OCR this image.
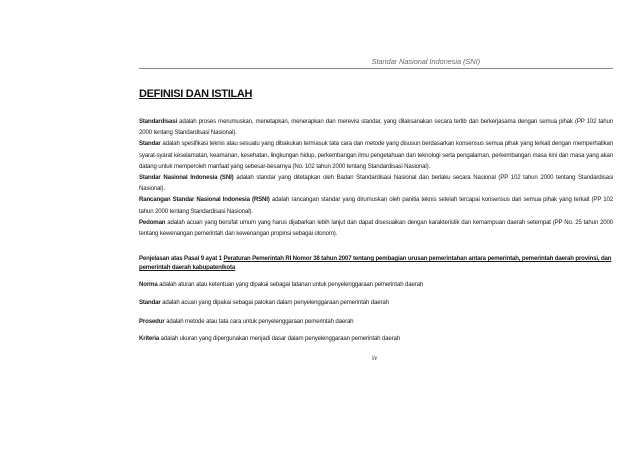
Standar Nasional Indonesia (SNI)
DEFINISI DAN ISTILAH

Standardisasi adalah proses merumuskan, menetapkan, menerapkan dan merevisi standar, yang dilaksanakan secara tertib dan berkerjasama dengan semua pihak (PP 102 tahun 2000 tentang Standardisasi Nasional).

Standar adalah spesifikasi teknis atau sesuatu yang dibakukan termasuk tata cara dan metode yang disusun berdasarkan konsensus semua pihak yang terkait dengan memperhatikan syarat-syarat keselamatan, keamanan, kesehatan, lingkungan hidup, perkembangan ilmu pengetahuan dan teknologi serta pengalaman, perkembangan masa kini dan masa yang akan datang untuk memperoleh manfaat yang sebesar-besarnya (No. 102 tahun 2000 tentang Standardisasi Nasional).

Standar Nasional Indonesia (SNI) adalah standar yang ditetapkan oleh Badan Standardisasi Nasional dan berlaku secara Nasional (PP 102 tahun 2000 tentang Standardisasi Nasional).

Rancangan Standar Nasional Indonesia (RSNI) adalah rancangan standar yang dirumuskan oleh panitia teknis setelah tercapai konsensus dari semua pihak yang terkait (PP 102 tahun 2000 tentang Standardisasi Nasional).

Pedoman adalah acuan yang bersifat umum yang harus dijabarkan lebih lanjut dan dapat disesuaikan dengan karakteristik dan kemampuan daerah setempat (PP No. 25 tahun 2000 tentang kewenangan pemerintah dan kewenangan propinsi sebagai otonom).

Penjelasan atas Pasal 9 ayat 1 Peraturan Pemerintah RI Nomor 38 tahun 2007 tentang pembagian urusan pemerintahan antara pemerintah, pemerintah daerah provinsi, dan pemerintah daerah kabupaten/kota
Norma adalah aturan atau ketentuan yang dipakai sebagai tatanan untuk penyelenggaraan pemerintah daerah
Standar adalah acuan yang dipakai sebagai patokan dalam penyelenggaraan pemerintah daerah
Prosedur adalah metode atau tata cara untuk penyelenggaraan pemerintah daerah
Kriteria adalah ukuran yang dipergunakan menjadi dasar dalam penyelenggaraan pemerintah daerah
iv
